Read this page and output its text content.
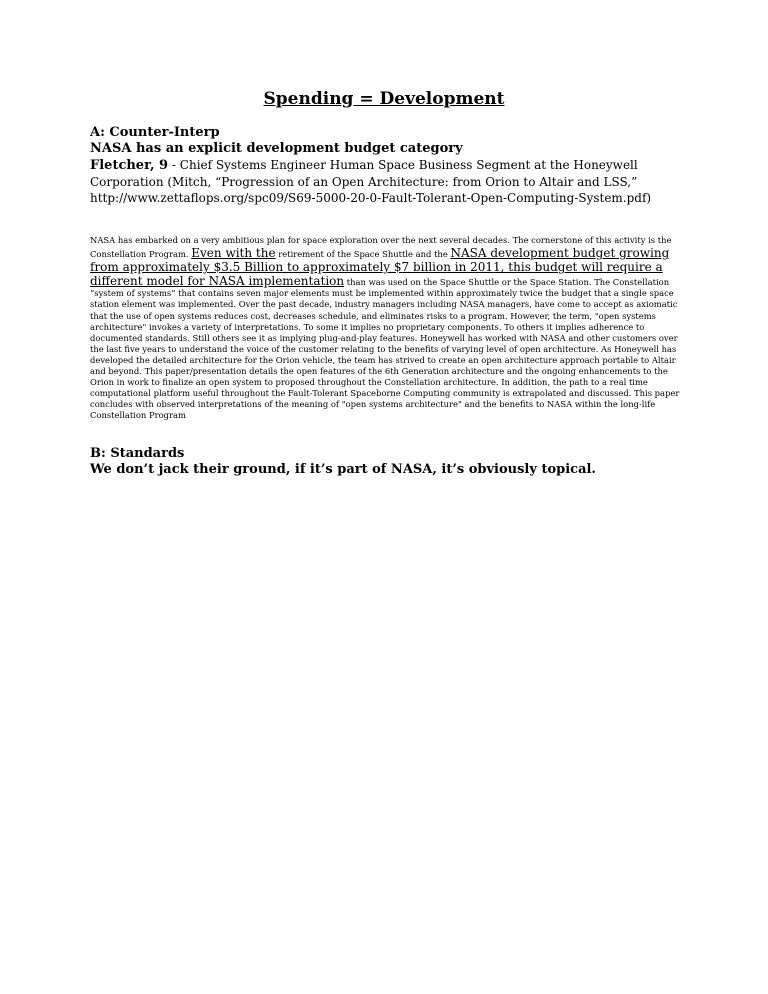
Spending = Development

A: Counter-Interp

NASA has an explicit development budget category

Fletcher, 9 - Chief Systems Engineer Human Space Business Segment at the Honeywell Corporation (Mitch, “Progression of an Open Architecture: from Orion to Altair and LSS,” http://www.zettaflops.org/spc09/S69-5000-20-0-Fault-Tolerant-Open-Computing-System.pdf)

NASA has embarked on a very ambitious plan for space exploration over the next several decades. The cornerstone of this activity is the Constellation Program. Even with the retirement of the Space Shuttle and the NASA development budget growing from approximately $3.5 Billion to approximately $7 billion in 2011, this budget will require a different model for NASA implementation than was used on the Space Shuttle or the Space Station. The Constellation “system of systems” that contains seven major elements must be implemented within approximately twice the budget that a single space station element was implemented. Over the past decade, industry managers including NASA managers, have come to accept as axiomatic that the use of open systems reduces cost, decreases schedule, and eliminates risks to a program. However, the term, "open systems architecture" invokes a variety of interpretations. To some it implies no proprietary components. To others it implies adherence to documented standards. Still others see it as implying plug-and-play features. Honeywell has worked with NASA and other customers over the last five years to understand the voice of the customer relating to the benefits of varying level of open architecture. As Honeywell has developed the detailed architecture for the Orion vehicle, the team has strived to create an open architecture approach portable to Altair and beyond. This paper/presentation details the open features of the 6th Generation architecture and the ongoing enhancements to the Orion in work to finalize an open system to proposed throughout the Constellation architecture. In addition, the path to a real time computational platform useful throughout the Fault-Tolerant Spaceborne Computing community is extrapolated and discussed. This paper concludes with observed interpretations of the meaning of "open systems architecture" and the benefits to NASA within the long-life Constellation Program

B: Standards

We don’t jack their ground, if it’s part of NASA, it’s obviously topical.
